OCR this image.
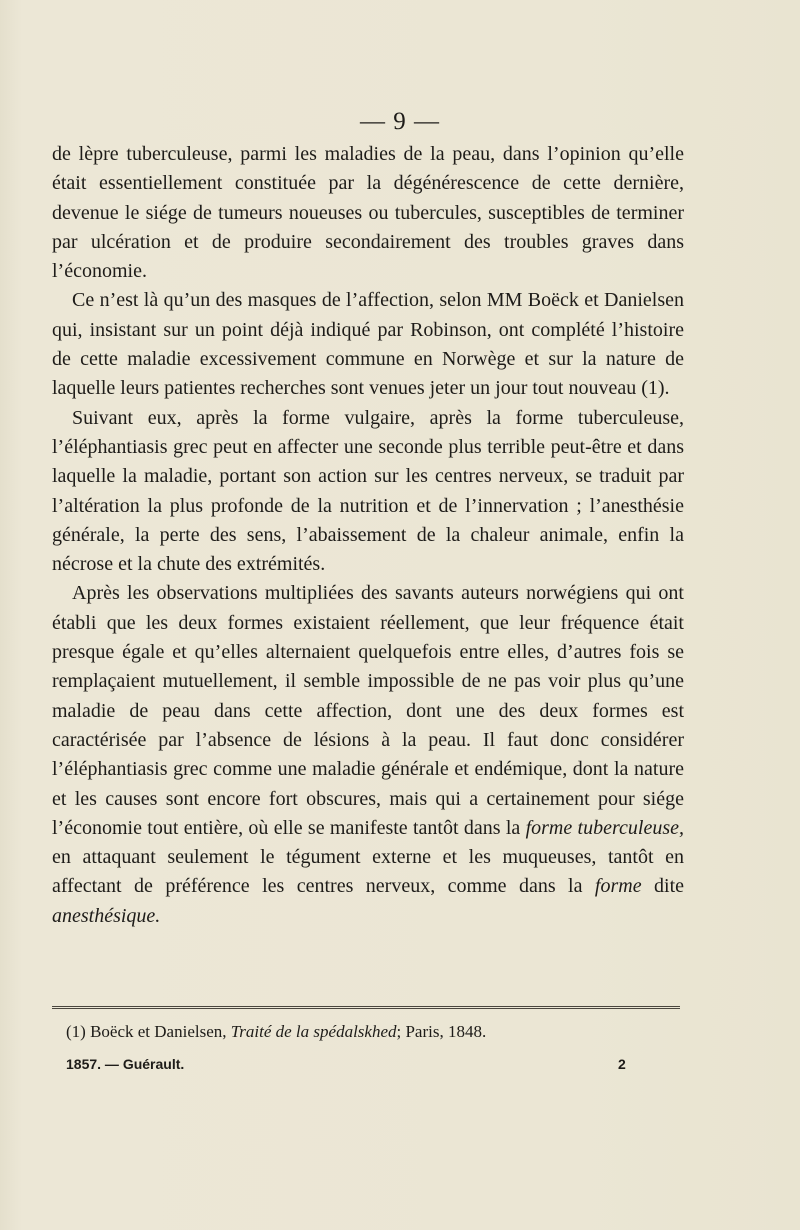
— 9 —

de lèpre tuberculeuse, parmi les maladies de la peau, dans l’opinion qu’elle était essentiellement constituée par la dégénérescence de cette dernière, devenue le siége de tumeurs noueuses ou tubercules, susceptibles de terminer par ulcération et de produire secondairement des troubles graves dans l’économie.

Ce n’est là qu’un des masques de l’affection, selon MM Boëck et Danielsen qui, insistant sur un point déjà indiqué par Robinson, ont complété l’histoire de cette maladie excessivement commune en Norwège et sur la nature de laquelle leurs patientes recherches sont venues jeter un jour tout nouveau (1).

Suivant eux, après la forme vulgaire, après la forme tuberculeuse, l’éléphantiasis grec peut en affecter une seconde plus terrible peut-être et dans laquelle la maladie, portant son action sur les centres nerveux, se traduit par l’altération la plus profonde de la nutrition et de l’innervation ; l’anesthésie générale, la perte des sens, l’abaissement de la chaleur animale, enfin la nécrose et la chute des extrémités.

Après les observations multipliées des savants auteurs norwégiens qui ont établi que les deux formes existaient réellement, que leur fréquence était presque égale et qu’elles alternaient quelquefois entre elles, d’autres fois se remplaçaient mutuellement, il semble impossible de ne pas voir plus qu’une maladie de peau dans cette affection, dont une des deux formes est caractérisée par l’absence de lésions à la peau. Il faut donc considérer l’éléphantiasis grec comme une maladie générale et endémique, dont la nature et les causes sont encore fort obscures, mais qui a certainement pour siége l’économie tout entière, où elle se manifeste tantôt dans la forme tuberculeuse, en attaquant seulement le tégument externe et les muqueuses, tantôt en affectant de préférence les centres nerveux, comme dans la forme dite anesthésique.

(1) Boëck et Danielsen, Traité de la spédalskhed; Paris, 1848.
1857. — Guérault.	2
